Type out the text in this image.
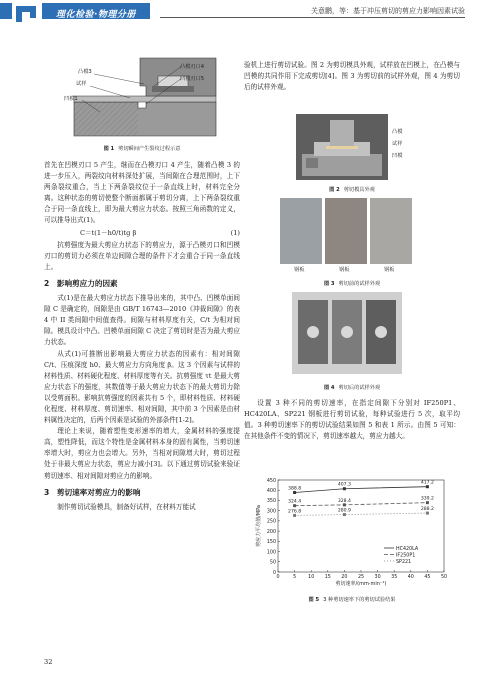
理化检验·物理分册	关意鹏，等：基于冲压剪切的剪应力影响因素试验
凸模3
试样
凹模1
凸模刃口4
凹模刃口5
图 1 剪切瞬间产生裂纹过程示意

首先在凹模刃口 5 产生，继而在凸模刃口 4 产生，随着凸模 3 的进一步压入，两裂纹向材料深处扩展，当间隙在合理范围时，上下两条裂纹重合，当上下两条裂纹位于一条直线上时，材料完全分离。这种状态的剪切使整个断面都属于剪切分离，上下两条裂纹重合于同一条直线上，即为最大剪应力状态。按照三角函数的定义，可以推导出式(1)。

C＝t(1－h0/t)tg β	(1)

抗剪强度为最大剪应力状态下的剪应力，源于凸模刃口和凹模刃口的剪切力必须在单边间隙合理的条件下才会重合于同一条直线上。

2　影响剪应力的因素

式(1)是在最大剪应力状态下推导出来的，其中凸、凹模单面间隙 C 是确定的，间隙是由 GB/T 16743—2010《冲裁间隙》的表 4 中 II 类间隙中间值查得。间隙与材料厚度有关，C/t 为相对间隙。模具设计中凸、凹模单面间隙 C 决定了剪切时是否为最大剪应力状态。

从式(1)可推断出影响最大剪应力状态的因素有：相对间隙 C/t、压痕深度 h0、最大剪应力方向角度 β。这 3 个因素与试样的材料性质、材料硬化程度、材料厚度等有关。抗剪强度 τt 是最大剪应力状态下的强度，其数值等于最大剪应力状态下的最大剪切力除以受剪面积。影响抗剪强度的因素共有 5 个，即材料性质、材料硬化程度、材料厚度、剪切速率、相对间隙，其中前 3 个因素是由材料属性决定的，后两个因素是试验的外部条件[1-2]。

理论上来说，随着塑性变形速率的增大，金属材料的强度提高，塑性降低，而这个特性是金属材料本身的固有属性，当剪切速率增大时，剪应力也会增大。另外，当相对间隙增大时，剪切过程处于非最大剪应力状态，剪应力减小[3]。以下通过剪切试验来验证剪切速率、相对间隙对剪应力的影响。

3　剪切速率对剪应力的影响

制作剪切试验模具，制备好试样，在材料万能试

验机上进行剪切试验。图 2 为剪切模具外观，试样放在凹模上，在凸模与凹模的共同作用下完成剪切[4]。图 3 为剪切前的试样外观，图 4 为剪切后的试样外观。

凸模
试样
凹模
图 2 剪切模具外观
钢板	钢板	钢板
图 3 剪切前的试样外观
图 4 剪切后的试样外观

设置 3 种不同的剪切速率，在指定间隙下分别对 IF250P1、HC420LA、SP221 钢板进行剪切试验，每种试验进行 5 次，取平均值。3 种剪切速率下的剪切试验结果如图 5 和表 1 所示。由图 5 可知：在其他条件不变的情况下，剪切速率越大，剪应力越大。

0
50
100
150
200
250
300
350
400
450
0	5	10 15 20 25 30 35 40 45 50
剪切速率/(mm·min⁻¹)
剪应力平均值/MPa
388.8
407.3	417.2
HC420LA
324.4	328.4	339.2
IF250P1
276.8	280.9	288.2
SP221
图 5 3 种剪切速率下的剪切试验结果
32
